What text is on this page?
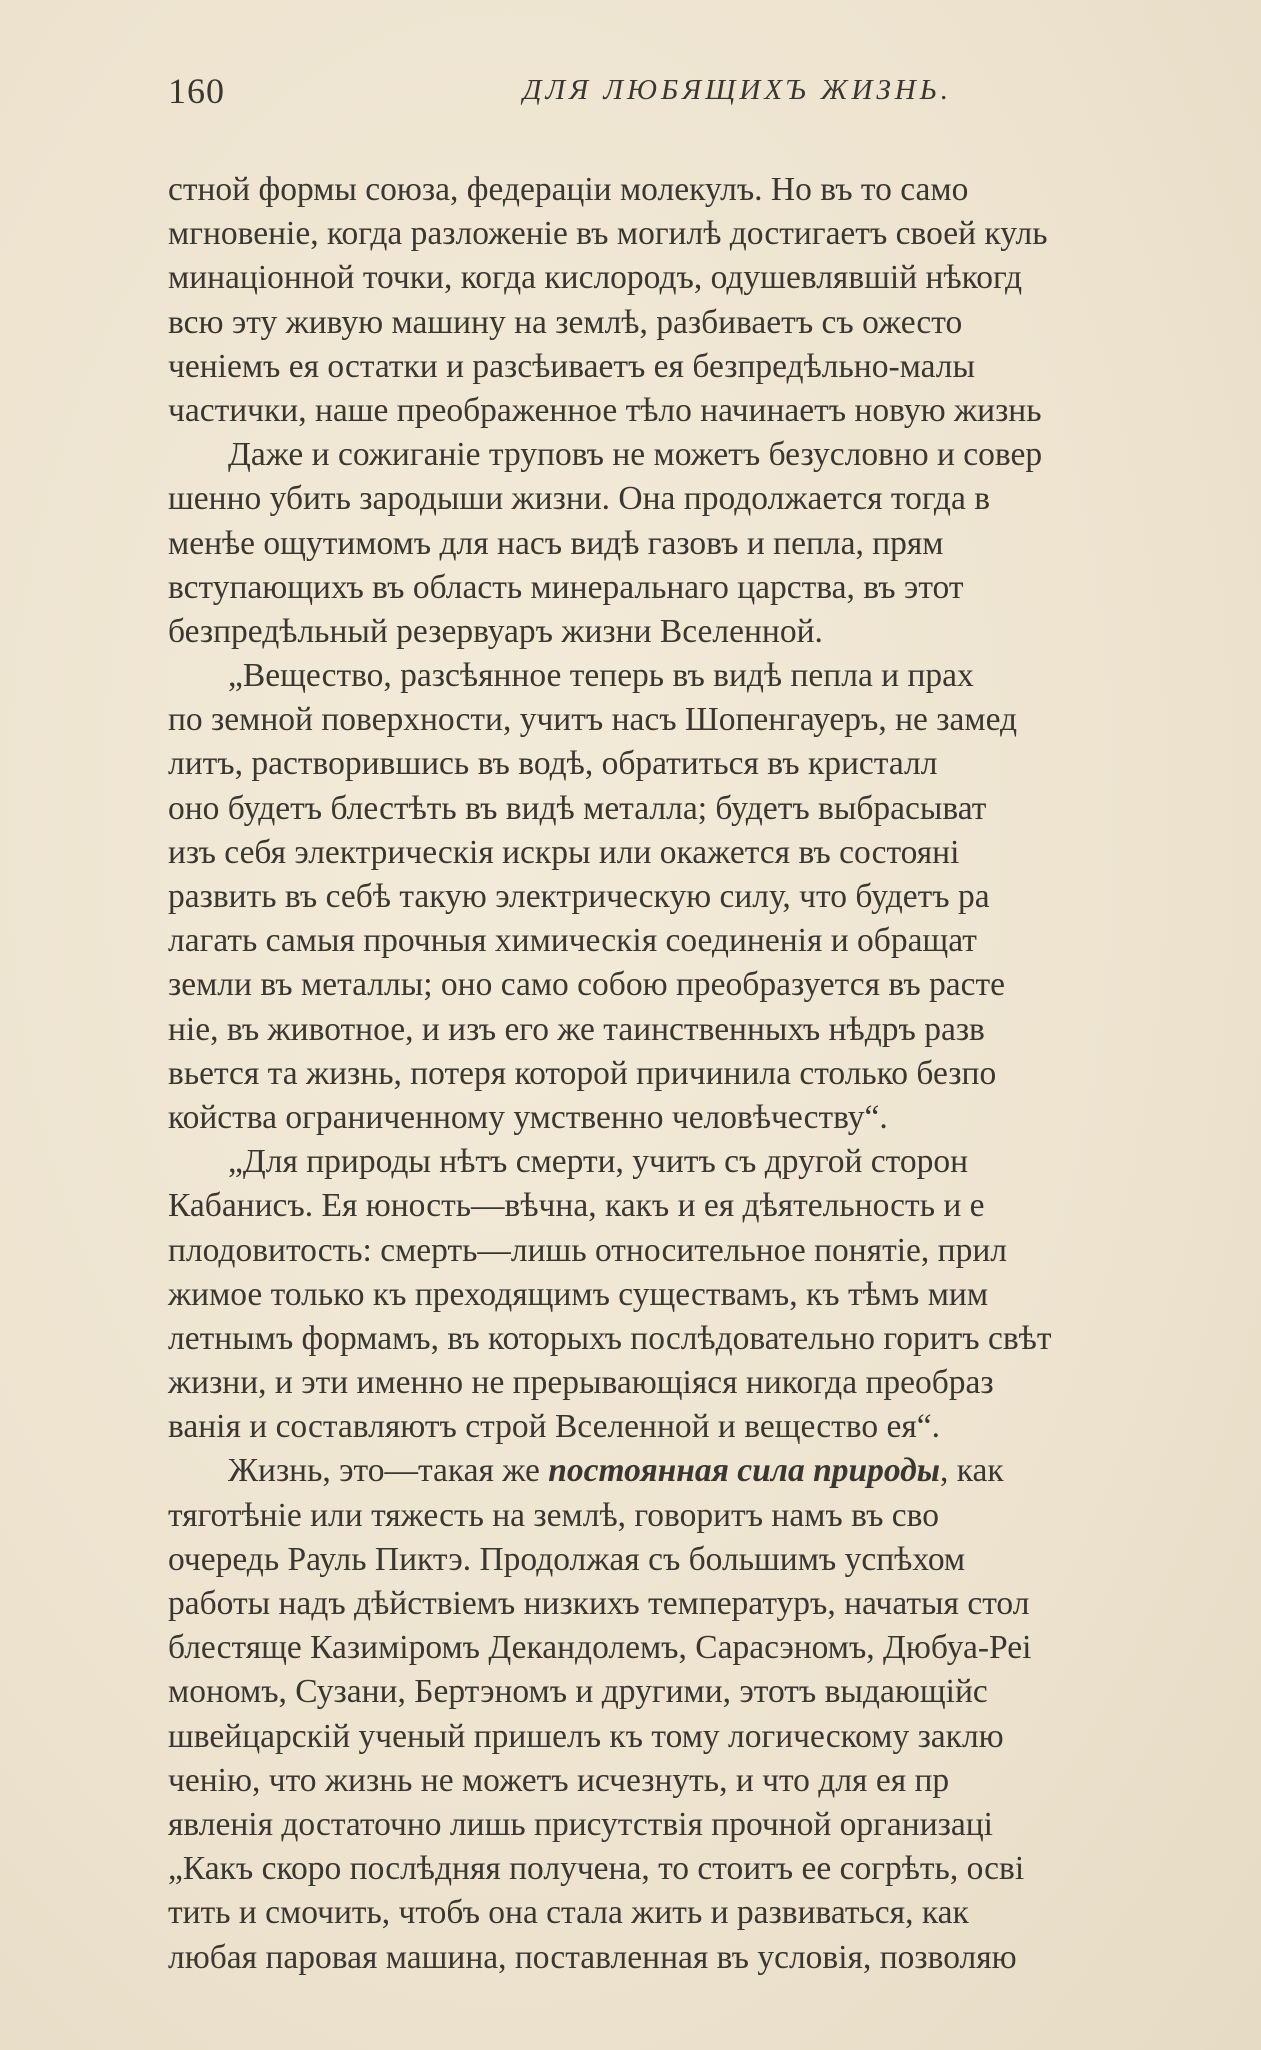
160	ДЛЯ ЛЮБЯЩИХЪ ЖИЗНЬ.
стной формы союза, федераціи молекулъ. Но въ то само
мгновеніе, когда разложеніе въ могилѣ достигаетъ своей куль
минаціонной точки, когда кислородъ, одушевлявшій нѣкогд
всю эту живую машину на землѣ, разбиваетъ съ ожесто
ченіемъ ея остатки и разсѣиваетъ ея безпредѣльно-малы
частички, наше преображенное тѣло начинаетъ новую жизнь
Даже и сожиганіе труповъ не можетъ безусловно и совер
шенно убить зародыши жизни. Она продолжается тогда в
менѣе ощутимомъ для насъ видѣ газовъ и пепла, прям
вступающихъ въ область минеральнаго царства, въ этот
безпредѣльный резервуаръ жизни Вселенной.
„Вещество, разсѣянное теперь въ видѣ пепла и прах
по земной поверхности, учитъ насъ Шопенгауеръ, не замед
литъ, растворившись въ водѣ, обратиться въ кристалл
оно будетъ блестѣть въ видѣ металла; будетъ выбрасыват
изъ себя электрическія искры или окажется въ состояні
развить въ себѣ такую электрическую силу, что будетъ ра
лагать самыя прочныя химическія соединенія и обращат
земли въ металлы; оно само собою преобразуется въ расте
ніе, въ животное, и изъ его же таинственныхъ нѣдръ разв
вьется та жизнь, потеря которой причинила столько безпо
койства ограниченному умственно человѣчеству“.
„Для природы нѣтъ смерти, учитъ съ другой сторон
Кабанисъ. Ея юность—вѣчна, какъ и ея дѣятельность и е
плодовитость: смерть—лишь относительное понятіе, прил
жимое только къ преходящимъ существамъ, къ тѣмъ мим
летнымъ формамъ, въ которыхъ послѣдовательно горитъ свѣт
жизни, и эти именно не прерывающіяся никогда преобраз
ванія и составляютъ строй Вселенной и вещество ея“.
Жизнь, это—такая же постоянная сила природы, как
тяготѣніе или тяжесть на землѣ, говоритъ намъ въ сво
очередь Рауль Пиктэ. Продолжая съ большимъ успѣхом
работы надъ дѣйствіемъ низкихъ температуръ, начатыя стол
блестяще Казиміромъ Декандолемъ, Сарасэномъ, Дюбуа-Реі
мономъ, Сузани, Бертэномъ и другими, этотъ выдающійс
швейцарскій ученый пришелъ къ тому логическому заклю
ченію, что жизнь не можетъ исчезнуть, и что для ея пр
явленія достаточно лишь присутствія прочной организаці
„Какъ скоро послѣдняя получена, то стоитъ ее согрѣть, осві
тить и смочить, чтобъ она стала жить и развиваться, как
любая паровая машина, поставленная въ условія, позволяю
